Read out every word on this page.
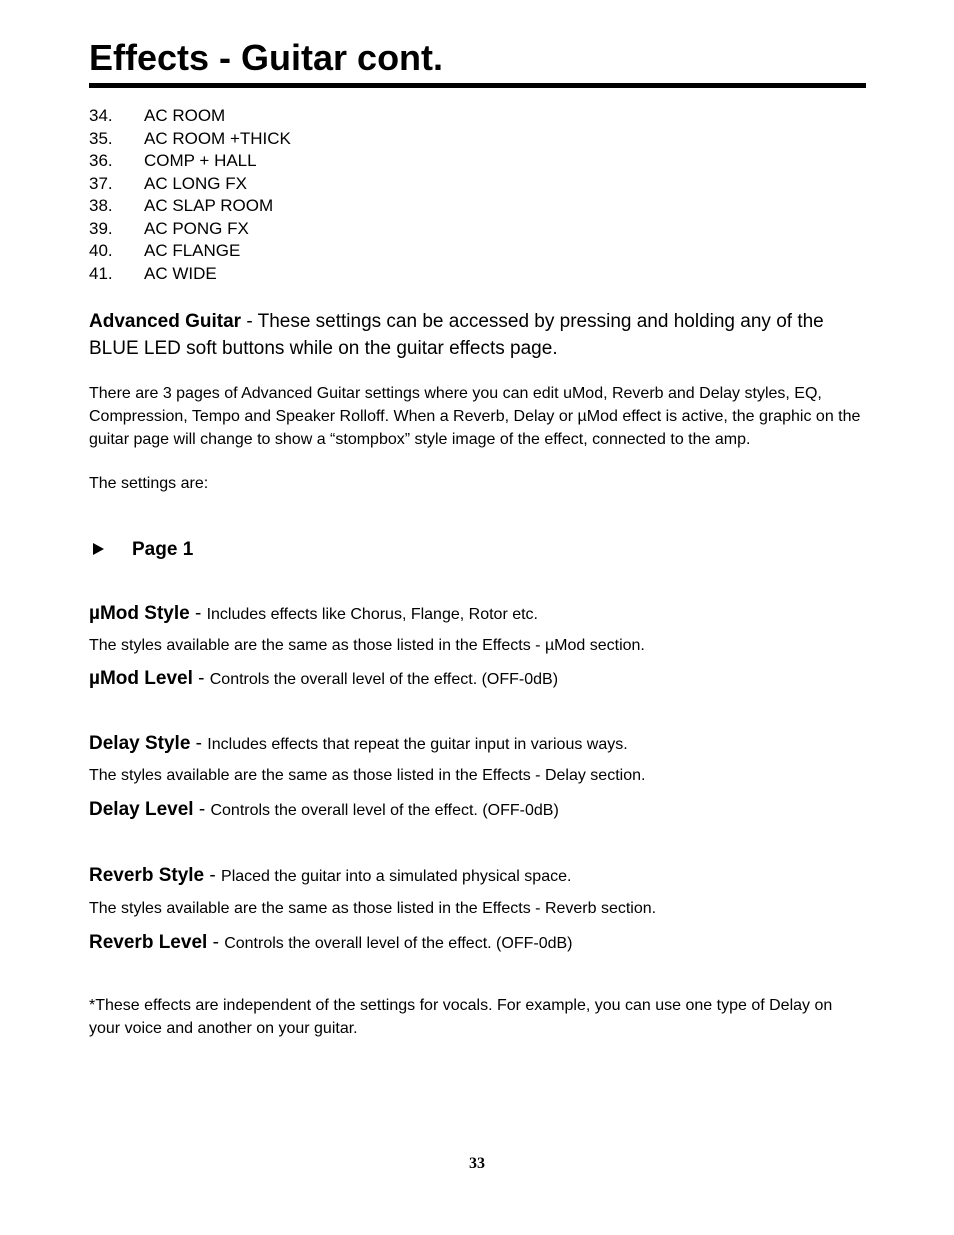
Effects - Guitar cont.
34. AC ROOM
35. AC ROOM +THICK
36. COMP + HALL
37. AC LONG FX
38. AC SLAP ROOM
39. AC PONG FX
40. AC FLANGE
41. AC WIDE

Advanced Guitar - These settings can be accessed by pressing and holding any of the BLUE LED soft buttons while on the guitar effects page.

There are 3 pages of Advanced Guitar settings where you can edit uMod, Reverb and Delay styles, EQ, Compression, Tempo and Speaker Rolloff. When a Reverb, Delay or µMod effect is active, the graphic on the guitar page will change to show a “stompbox” style image of the effect, connected to the amp.

The settings are:

Page 1

µMod Style - Includes effects like Chorus, Flange, Rotor etc.

The styles available are the same as those listed in the Effects - µMod section.

µMod Level - Controls the overall level of the effect. (OFF-0dB)

Delay Style - Includes effects that repeat the guitar input in various ways.

The styles available are the same as those listed in the Effects - Delay section.

Delay Level - Controls the overall level of the effect. (OFF-0dB)

Reverb Style - Placed the guitar into a simulated physical space.

The styles available are the same as those listed in the Effects - Reverb section.

Reverb Level - Controls the overall level of the effect. (OFF-0dB)

*These effects are independent of the settings for vocals. For example, you can use one type of Delay on your voice and another on your guitar.

33
